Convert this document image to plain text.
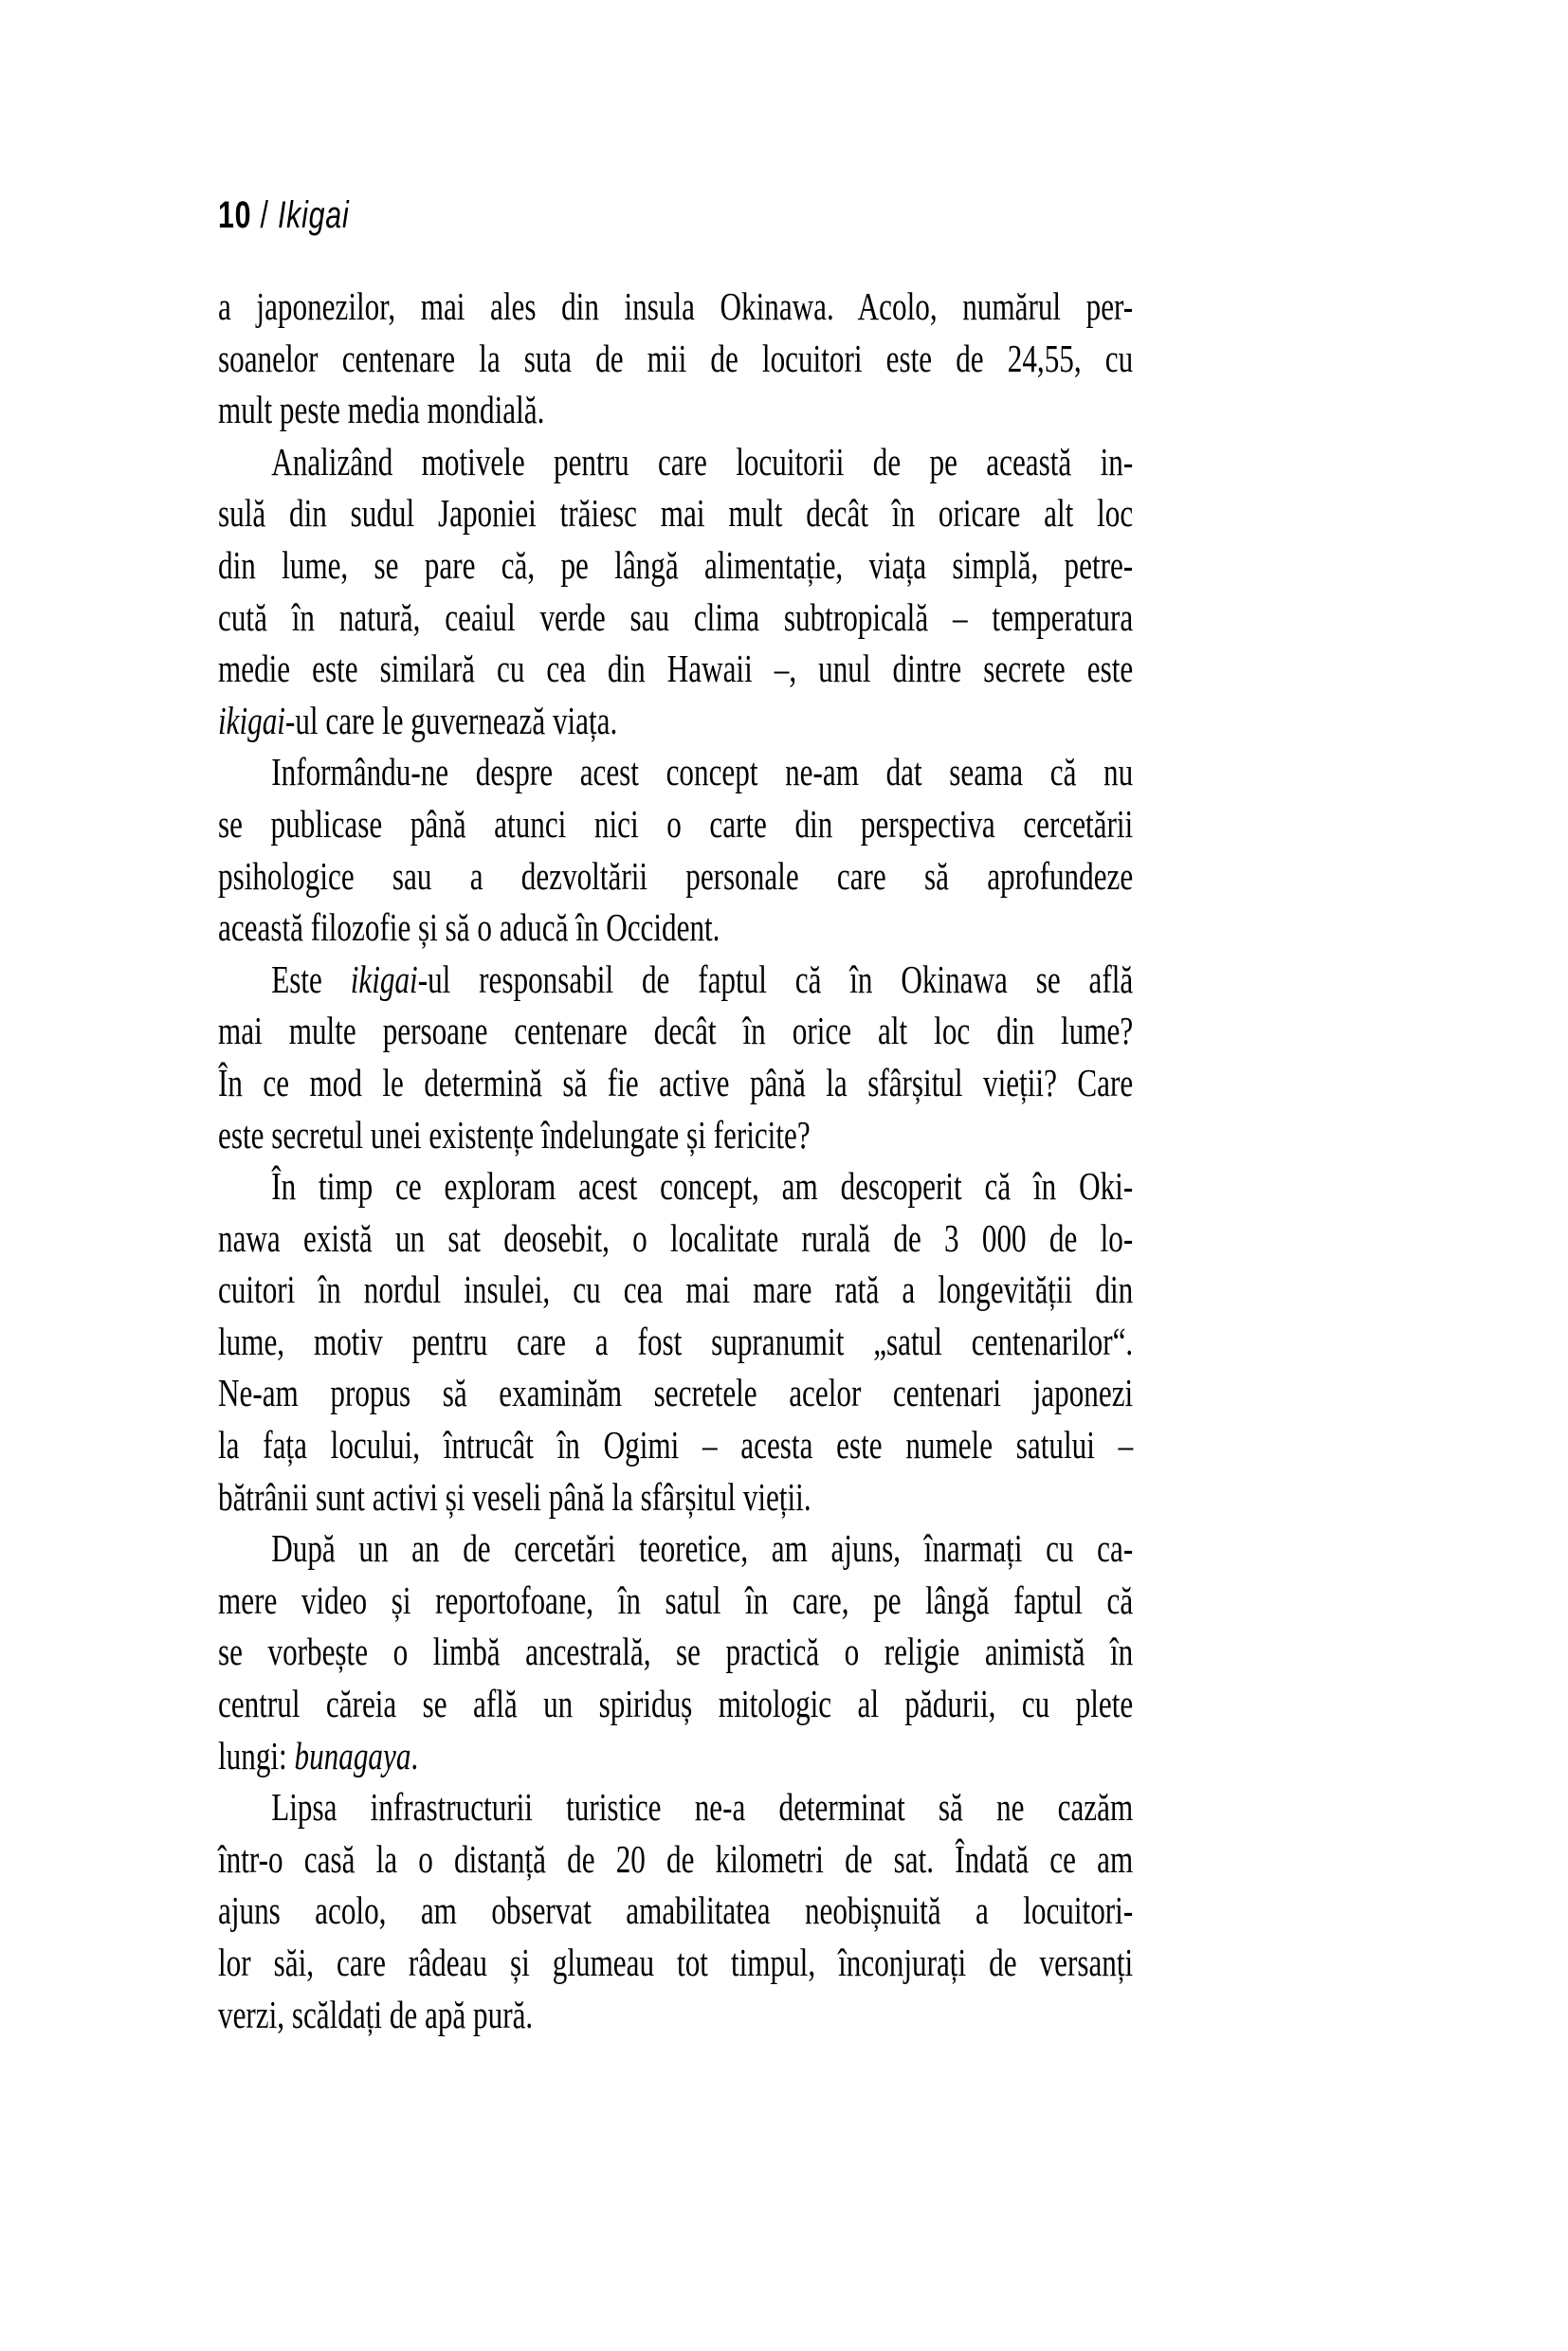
10 / Ikigai
a japonezilor, mai ales din insula Okinawa. Acolo, numărul per-
soanelor centenare la suta de mii de locuitori este de 24,55, cu
mult peste media mondială.
Analizând motivele pentru care locuitorii de pe această in-
sulă din sudul Japoniei trăiesc mai mult decât în oricare alt loc
din lume, se pare că, pe lângă alimentație, viața simplă, petre-
cută în natură, ceaiul verde sau clima subtropicală – temperatura
medie este similară cu cea din Hawaii –, unul dintre secrete este
ikigai-ul care le guvernează viața.
Informându-ne despre acest concept ne-am dat seama că nu
se publicase până atunci nici o carte din perspectiva cercetării
psihologice sau a dezvoltării personale care să aprofundeze
această filozofie și să o aducă în Occident.
Este ikigai-ul responsabil de faptul că în Okinawa se află
mai multe persoane centenare decât în orice alt loc din lume?
În ce mod le determină să fie active până la sfârșitul vieții? Care
este secretul unei existențe îndelungate și fericite?
În timp ce exploram acest concept, am descoperit că în Oki-
nawa există un sat deosebit, o localitate rurală de 3 000 de lo-
cuitori în nordul insulei, cu cea mai mare rată a longevității din
lume, motiv pentru care a fost supranumit „satul centenarilor“.
Ne-am propus să examinăm secretele acelor centenari japonezi
la fața locului, întrucât în Ogimi – acesta este numele satului –
bătrânii sunt activi și veseli până la sfârșitul vieții.
După un an de cercetări teoretice, am ajuns, înarmați cu ca-
mere video și reportofoane, în satul în care, pe lângă faptul că
se vorbește o limbă ancestrală, se practică o religie animistă în
centrul căreia se află un spiriduș mitologic al pădurii, cu plete
lungi: bunagaya.
Lipsa infrastructurii turistice ne-a determinat să ne cazăm
într-o casă la o distanță de 20 de kilometri de sat. Îndată ce am
ajuns acolo, am observat amabilitatea neobișnuită a locuitori-
lor săi, care râdeau și glumeau tot timpul, înconjurați de versanți
verzi, scăldați de apă pură.
